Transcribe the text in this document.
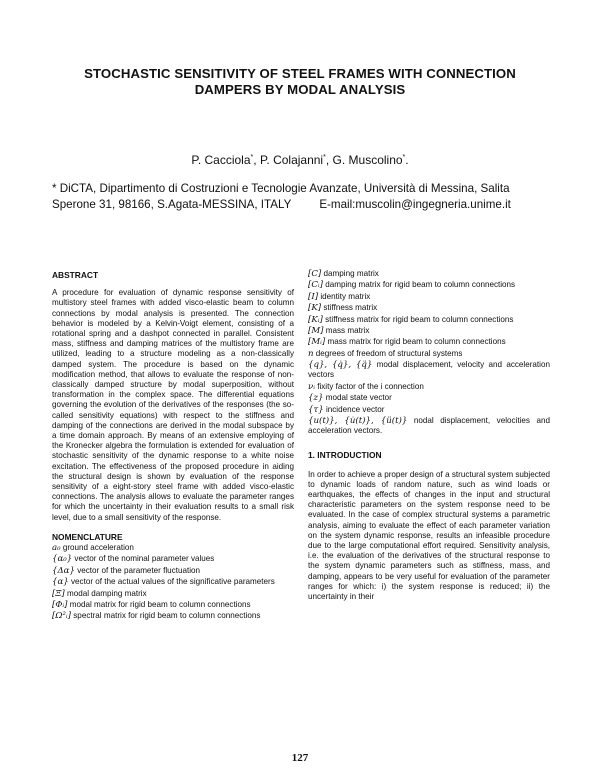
STOCHASTIC SENSITIVITY OF STEEL FRAMES WITH CONNECTION
DAMPERS BY MODAL ANALYSIS
P. Cacciola*, P. Colajanni*, G. Muscolino*.
* DiCTA, Dipartimento di Costruzioni e Tecnologie Avanzate, Università di Messina, Salita
Sperone 31, 98166, S.Agata-MESSINA, ITALY E-mail:muscolin@ingegneria.unime.it
ABSTRACT
A procedure for evaluation of dynamic response sensitivity of multistory steel frames with added visco-elastic beam to column connections by modal analysis is presented. The connection behavior is modeled by a Kelvin-Voigt element, consisting of a rotational spring and a dashpot connected in parallel. Consistent mass, stiffness and damping matrices of the multistory frame are utilized, leading to a structure modeling as a non-classically damped system. The procedure is based on the dynamic modification method, that allows to evaluate the response of non-classically damped structure by modal superposition, without transformation in the complex space. The differential equations governing the evolution of the derivatives of the responses (the so-called sensitivity equations) with respect to the stiffness and damping of the connections are derived in the modal subspace by a time domain approach. By means of an extensive employing of the Kronecker algebra the formulation is extended for evaluation of stochastic sensitivity of the dynamic response to a white noise excitation. The effectiveness of the proposed procedure in aiding the structural design is shown by evaluation of the response sensitivity of a eight-story steel frame with added visco-elastic connections. The analysis allows to evaluate the parameter ranges for which the uncertainty in their evaluation results to a small risk level, due to a small sensitivity of the response.
NOMENCLATURE
a₀ ground acceleration
{α₀} vector of the nominal parameter values
{Δα} vector of the parameter fluctuation
{α} vector of the actual values of the significative parameters
[Ξ] modal damping matrix
[Φᵢ] modal matrix for rigid beam to column connections
[Ω²ᵢ] spectral matrix for rigid beam to column connections
[C] damping matrix
[Cᵢ] damping matrix for rigid beam to column connections
[I] identity matrix
[K] stiffness matrix
[Kᵢ] stiffness matrix for rigid beam to column connections
[M] mass matrix
[Mᵢ] mass matrix for rigid beam to column connections
n degrees of freedom of structural systems
{q}, {q̇}, {q̈} modal displacement, velocity and acceleration vectors
νᵢ fixity factor of the i connection
{z} modal state vector
{τ} incidence vector
{u(t)}, {u̇(t)}, {ü(t)} nodal displacement, velocities and acceleration vectors.
1. INTRODUCTION
In order to achieve a proper design of a structural system subjected to dynamic loads of random nature, such as wind loads or earthquakes, the effects of changes in the input and structural characteristic parameters on the system response need to be evaluated. In the case of complex structural systems a parametric analysis, aiming to evaluate the effect of each parameter variation on the system dynamic response, results an infeasible procedure due to the large computational effort required. Sensitivity analysis, i.e. the evaluation of the derivatives of the structural response to the system dynamic parameters such as stiffness, mass, and damping, appears to be very useful for evaluation of the parameter ranges for which: i) the system response is reduced; ii) the uncertainty in their
127
